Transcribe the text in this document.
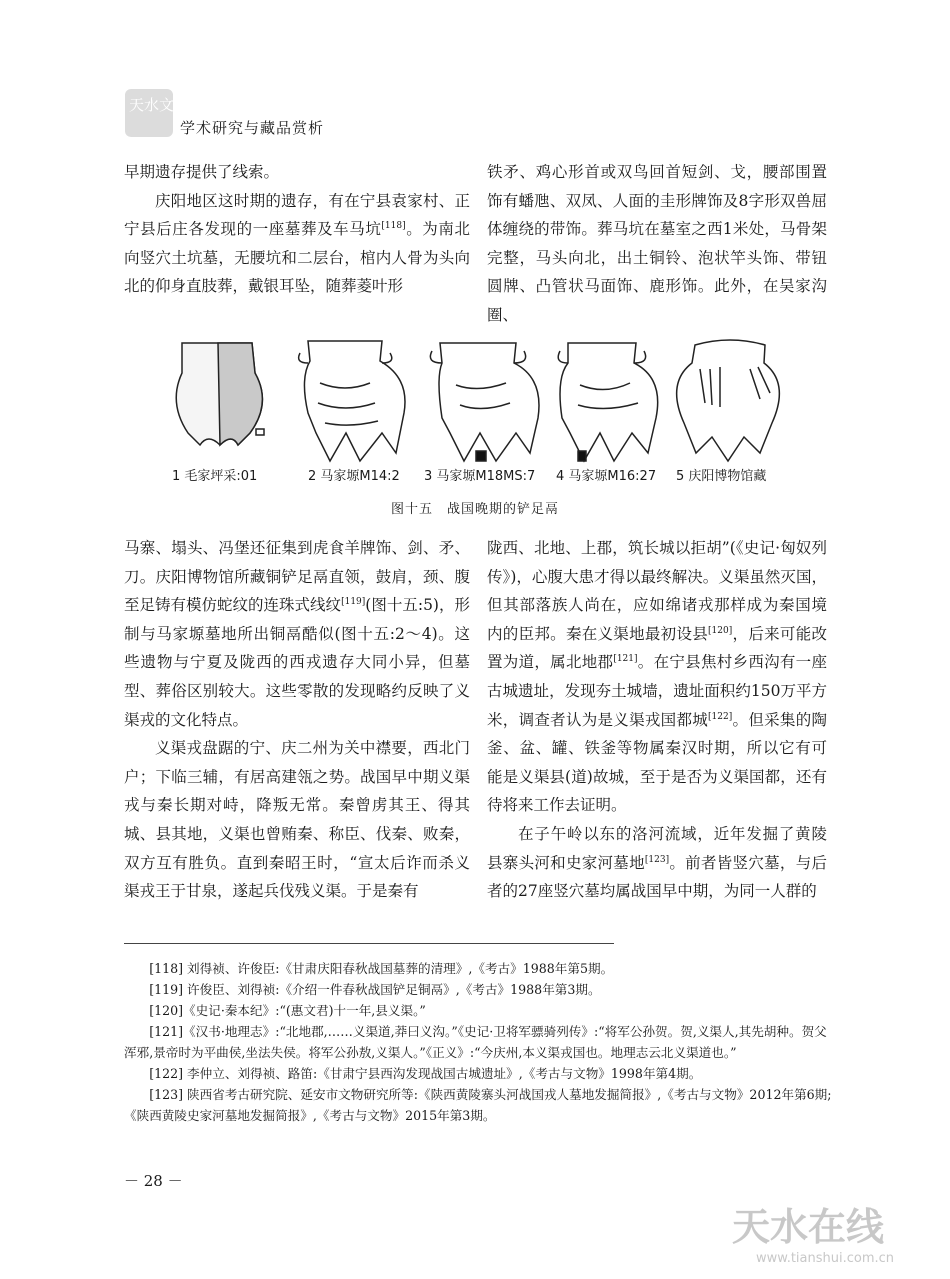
天水文博
学术研究与藏品赏析

早期遗存提供了线索。

庆阳地区这时期的遗存，有在宁县袁家村、正宁县后庄各发现的一座墓葬及车马坑[118]。为南北向竖穴土坑墓，无腰坑和二层台，棺内人骨为头向北的仰身直肢葬，戴银耳坠，随葬菱叶形

铁矛、鸡心形首或双鸟回首短剑、戈，腰部围置饰有蟠虺、双凤、人面的圭形牌饰及8字形双兽屈体缠绕的带饰。葬马坑在墓室之西1米处，马骨架完整，马头向北，出土铜铃、泡状竿头饰、带钮圆牌、凸管状马面饰、鹿形饰。此外，在吴家沟圈、

1 毛家坪采:01	2 马家塬M14:2 3 马家塬M18MS:7 4 马家塬M16:27 5 庆阳博物馆藏
图十五　战国晚期的铲足鬲

马寨、塌头、冯堡还征集到虎食羊牌饰、剑、矛、刀。庆阳博物馆所藏铜铲足鬲直领，鼓肩，颈、腹至足铸有模仿蛇纹的连珠式线纹[119](图十五:5)，形制与马家塬墓地所出铜鬲酷似(图十五:2～4)。这些遗物与宁夏及陇西的西戎遗存大同小异，但墓型、葬俗区别较大。这些零散的发现略约反映了义渠戎的文化特点。

义渠戎盘踞的宁、庆二州为关中襟要，西北门户；下临三辅，有居高建瓴之势。战国早中期义渠戎与秦长期对峙，降叛无常。秦曾虏其王、得其城、县其地，义渠也曾贿秦、称臣、伐秦、败秦，双方互有胜负。直到秦昭王时，“宣太后诈而杀义渠戎王于甘泉，遂起兵伐残义渠。于是秦有

陇西、北地、上郡，筑长城以拒胡”(《史记·匈奴列传》)，心腹大患才得以最终解决。义渠虽然灭国，但其部落族人尚在，应如绵诸戎那样成为秦国境内的臣邦。秦在义渠地最初设县[120]，后来可能改置为道，属北地郡[121]。在宁县焦村乡西沟有一座古城遗址，发现夯土城墙，遗址面积约150万平方米，调查者认为是义渠戎国都城[122]。但采集的陶釜、盆、罐、铁釜等物属秦汉时期，所以它有可能是义渠县(道)故城，至于是否为义渠国都，还有待将来工作去证明。

在子午岭以东的洛河流域，近年发掘了黄陵县寨头河和史家河墓地[123]。前者皆竖穴墓，与后者的27座竖穴墓均属战国早中期，为同一人群的

[118] 刘得祯、许俊臣:《甘肃庆阳春秋战国墓葬的清理》,《考古》1988年第5期。

[119] 许俊臣、刘得祯:《介绍一件春秋战国铲足铜鬲》,《考古》1988年第3期。

[120]《史记·秦本纪》:“(惠文君)十一年,县义渠。”

[121]《汉书·地理志》:“北地郡,……义渠道,莽曰义沟。”《史记·卫将军骠骑列传》:“将军公孙贺。贺,义渠人,其先胡种。贺父浑邪,景帝时为平曲侯,坐法失侯。将军公孙敖,义渠人。”《正义》:“今庆州,本义渠戎国也。地理志云北义渠道也。”

[122] 李仲立、刘得祯、路笛:《甘肃宁县西沟发现战国古城遗址》,《考古与文物》1998年第4期。

[123] 陕西省考古研究院、延安市文物研究所等:《陕西黄陵寨头河战国戎人墓地发掘简报》,《考古与文物》2012年第6期;《陕西黄陵史家河墓地发掘简报》,《考古与文物》2015年第3期。

－ 28 －
天水在线
www.tianshui.com.cn
